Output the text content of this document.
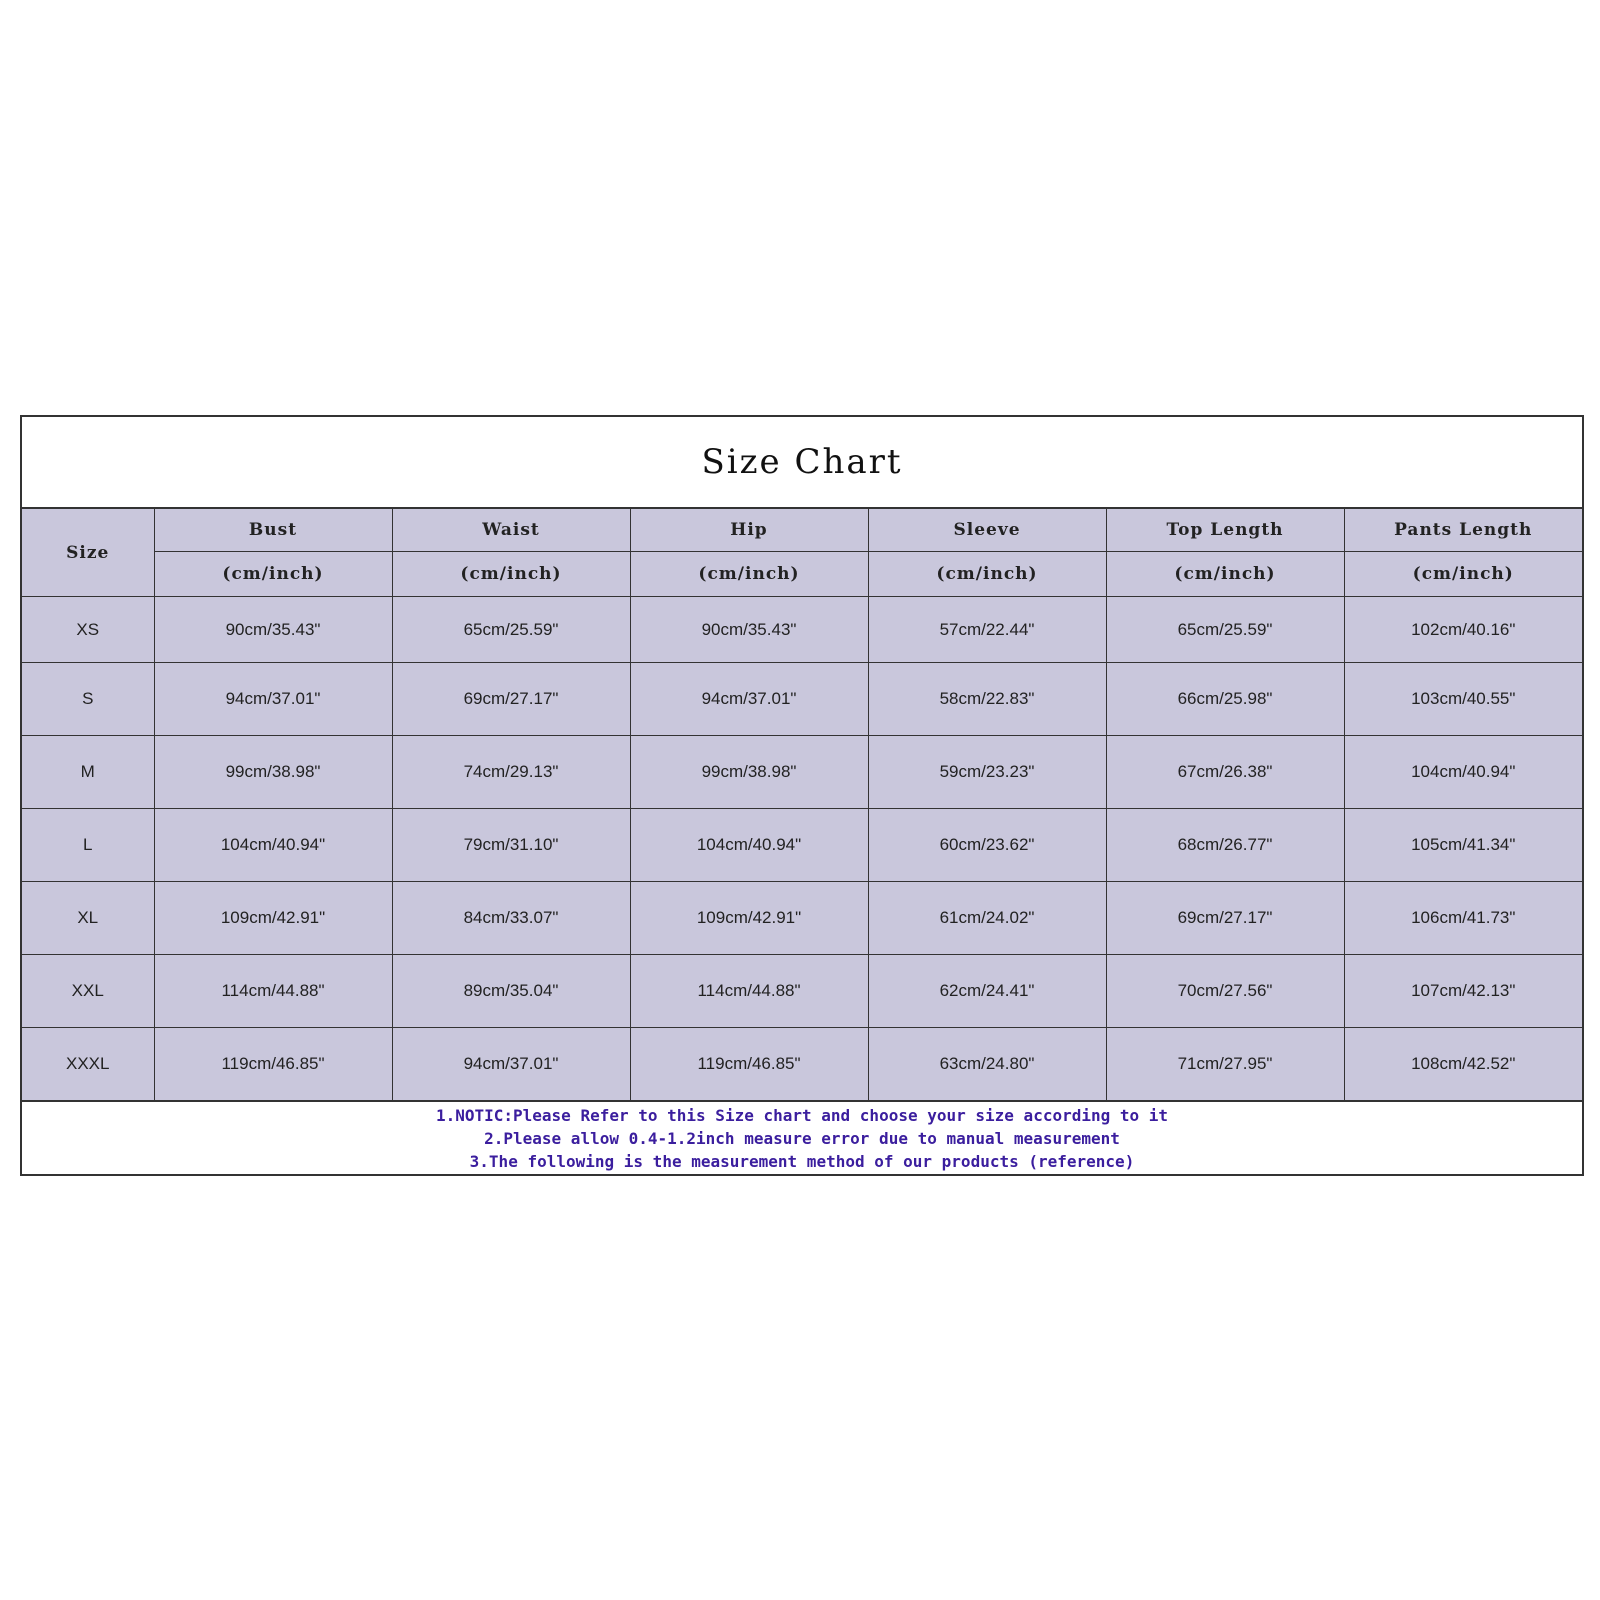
Size Chart
Size	Bust	Waist	Hip	Sleeve	Top Length	Pants Length
	(cm/inch)	(cm/inch)	(cm/inch)	(cm/inch)	(cm/inch)	(cm/inch)
XS	90cm/35.43"	65cm/25.59"	90cm/35.43"	57cm/22.44"	65cm/25.59"	102cm/40.16"
S	94cm/37.01"	69cm/27.17"	94cm/37.01"	58cm/22.83"	66cm/25.98"	103cm/40.55"
M	99cm/38.98"	74cm/29.13"	99cm/38.98"	59cm/23.23"	67cm/26.38"	104cm/40.94"
L	104cm/40.94"	79cm/31.10"	104cm/40.94"	60cm/23.62"	68cm/26.77"	105cm/41.34"
XL	109cm/42.91"	84cm/33.07"	109cm/42.91"	61cm/24.02"	69cm/27.17"	106cm/41.73"
XXL	114cm/44.88"	89cm/35.04"	114cm/44.88"	62cm/24.41"	70cm/27.56"	107cm/42.13"
XXXL	119cm/46.85"	94cm/37.01"	119cm/46.85"	63cm/24.80"	71cm/27.95"	108cm/42.52"
1.NOTIC:Please Refer to this Size chart and choose your size according to it
2.Please allow 0.4-1.2inch measure error due to manual measurement
3.The following is the measurement method of our products (reference)
